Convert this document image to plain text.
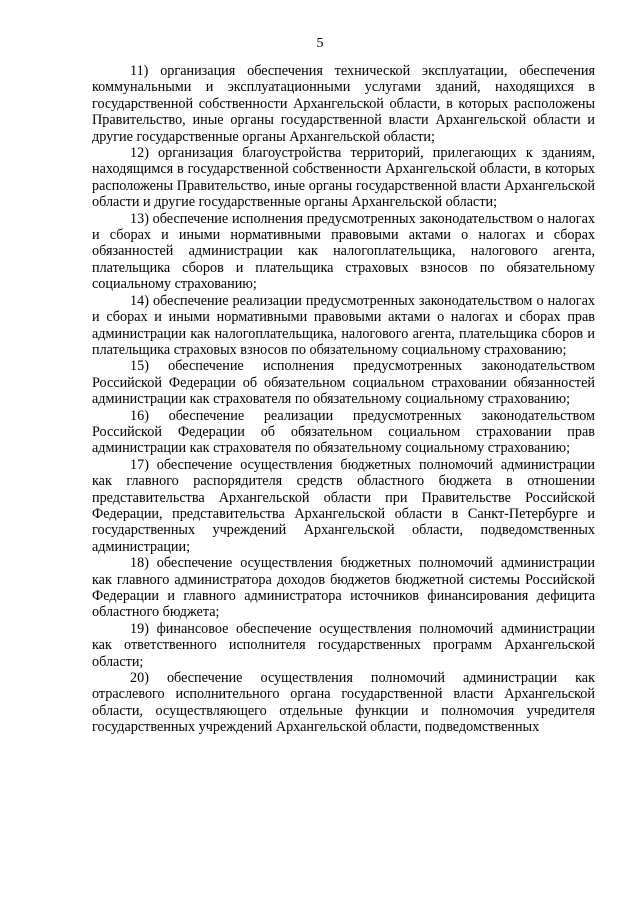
5

11) организация обеспечения технической эксплуатации, обеспечения коммунальными и эксплуатационными услугами зданий, находящихся в государственной собственности Архангельской области, в которых расположены Правительство, иные органы государственной власти Архангельской области и другие государственные органы Архангельской области;

12) организация благоустройства территорий, прилегающих к зданиям, находящимся в государственной собственности Архангельской области, в которых расположены Правительство, иные органы государственной власти Архангельской области и другие государственные органы Архангельской области;

13) обеспечение исполнения предусмотренных законодательством о налогах и сборах и иными нормативными правовыми актами о налогах и сборах обязанностей администрации как налогоплательщика, налогового агента, плательщика сборов и плательщика страховых взносов по обязательному социальному страхованию;

14) обеспечение реализации предусмотренных законодательством о налогах и сборах и иными нормативными правовыми актами о налогах и сборах прав администрации как налогоплательщика, налогового агента, плательщика сборов и плательщика страховых взносов по обязательному социальному страхованию;

15) обеспечение исполнения предусмотренных законодательством Российской Федерации об обязательном социальном страховании обязанностей администрации как страхователя по обязательному социальному страхованию;

16) обеспечение реализации предусмотренных законодательством Российской Федерации об обязательном социальном страховании прав администрации как страхователя по обязательному социальному страхованию;

17) обеспечение осуществления бюджетных полномочий администрации как главного распорядителя средств областного бюджета в отношении представительства Архангельской области при Правительстве Российской Федерации, представительства Архангельской области в Санкт-Петербурге и государственных учреждений Архангельской области, подведомственных администрации;

18) обеспечение осуществления бюджетных полномочий администрации как главного администратора доходов бюджетов бюджетной системы Российской Федерации и главного администратора источников финансирования дефицита областного бюджета;

19) финансовое обеспечение осуществления полномочий администрации как ответственного исполнителя государственных программ Архангельской области;

20) обеспечение осуществления полномочий администрации как отраслевого исполнительного органа государственной власти Архангельской области, осуществляющего отдельные функции и полномочия учредителя государственных учреждений Архангельской области, подведомственных
